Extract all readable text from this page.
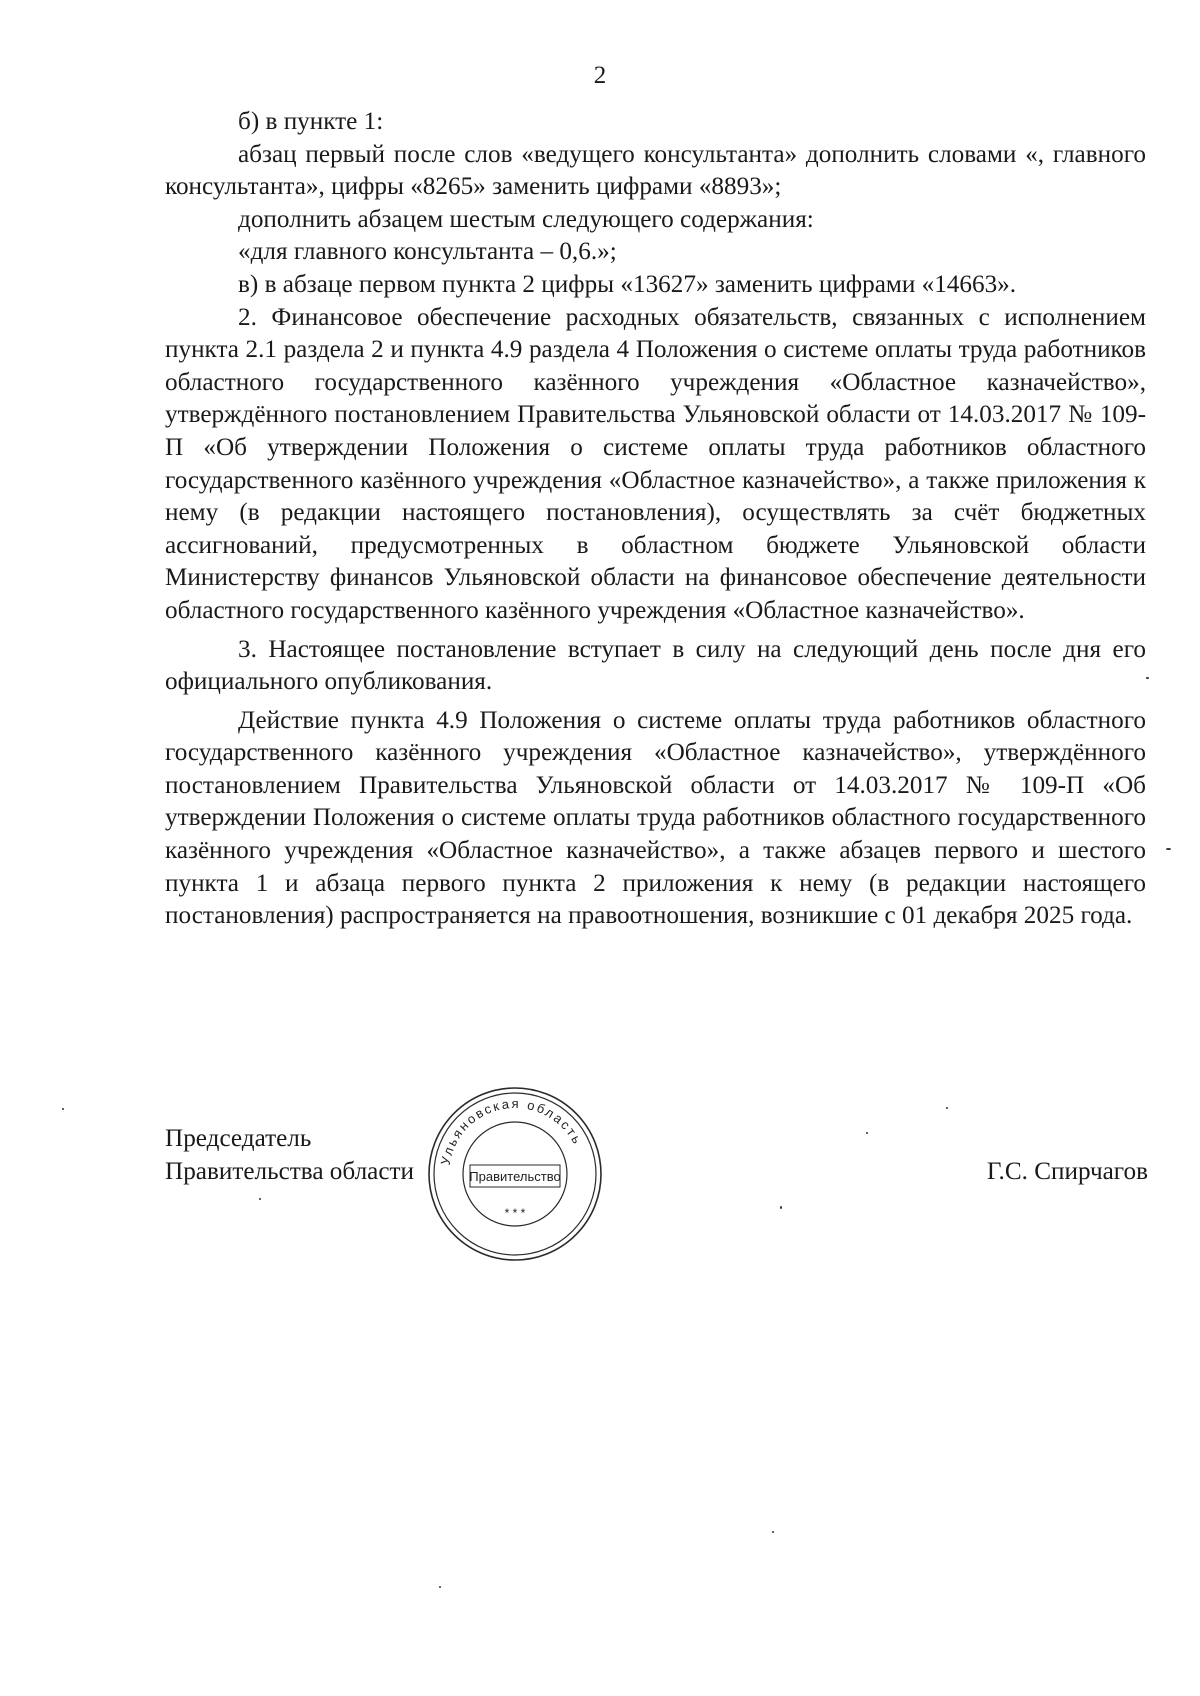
2

б) в пункте 1:

абзац первый после слов «ведущего консультанта» дополнить словами «, главного консультанта», цифры «8265» заменить цифрами «8893»;

дополнить абзацем шестым следующего содержания:

«для главного консультанта – 0,6.»;

в) в абзаце первом пункта 2 цифры «13627» заменить цифрами «14663».

2. Финансовое обеспечение расходных обязательств, связанных с исполнением пункта 2.1 раздела 2 и пункта 4.9 раздела 4 Положения о системе оплаты труда работников областного государственного казённого учреждения «Областное казначейство», утверждённого постановлением Правительства Ульяновской области от 14.03.2017 № 109-П «Об утверждении Положения о системе оплаты труда работников областного государственного казённого учреждения «Областное казначейство», а также приложения к нему (в редакции настоящего постановления), осуществлять за счёт бюджетных ассигнований, предусмотренных в областном бюджете Ульяновской области Министерству финансов Ульяновской области на финансовое обеспечение деятельности областного государственного казённого учреждения «Областное казначейство».

3. Настоящее постановление вступает в силу на следующий день после дня его официального опубликования.

Действие пункта 4.9 Положения о системе оплаты труда работников областного государственного казённого учреждения «Областное казначейство», утверждённого постановлением Правительства Ульяновской области от 14.03.2017 № 109-П «Об утверждении Положения о системе оплаты труда работников областного государственного казённого учреждения «Областное казначейство», а также абзацев первого и шестого пункта 1 и абзаца первого пункта 2 приложения к нему (в редакции настоящего постановления) распространяется на правоотношения, возникшие с 01 декабря 2025 года.

Председатель
Правительства области	Г.С. Спирчагов
Ульяновская область
* * *
Правительство
